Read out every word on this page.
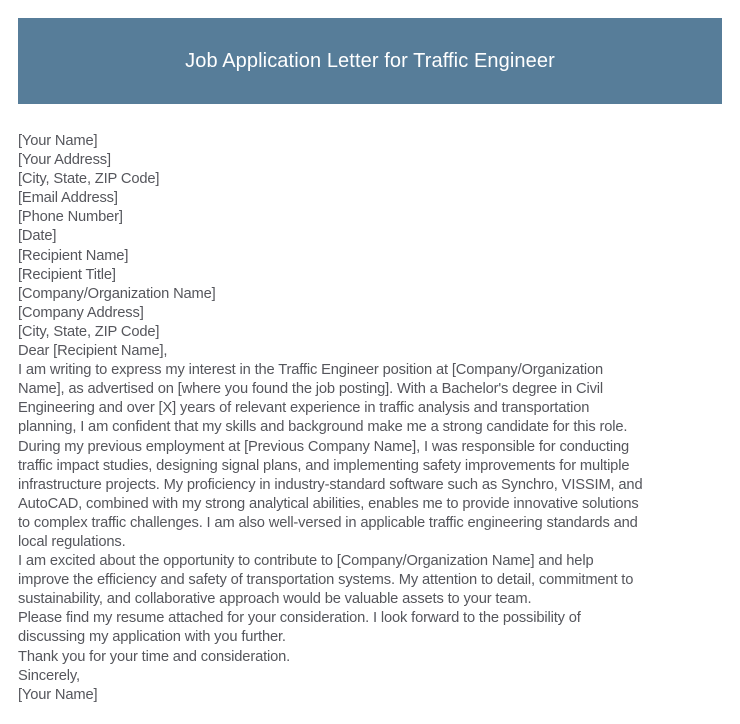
Job Application Letter for Traffic Engineer
[Your Name]
[Your Address]
[City, State, ZIP Code]
[Email Address]
[Phone Number]
[Date]
[Recipient Name]
[Recipient Title]
[Company/Organization Name]
[Company Address]
[City, State, ZIP Code]
Dear [Recipient Name],
I am writing to express my interest in the Traffic Engineer position at [Company/Organization
Name], as advertised on [where you found the job posting]. With a Bachelor's degree in Civil
Engineering and over [X] years of relevant experience in traffic analysis and transportation
planning, I am confident that my skills and background make me a strong candidate for this role.
During my previous employment at [Previous Company Name], I was responsible for conducting
traffic impact studies, designing signal plans, and implementing safety improvements for multiple
infrastructure projects. My proficiency in industry-standard software such as Synchro, VISSIM, and
AutoCAD, combined with my strong analytical abilities, enables me to provide innovative solutions
to complex traffic challenges. I am also well-versed in applicable traffic engineering standards and
local regulations.
I am excited about the opportunity to contribute to [Company/Organization Name] and help
improve the efficiency and safety of transportation systems. My attention to detail, commitment to
sustainability, and collaborative approach would be valuable assets to your team.
Please find my resume attached for your consideration. I look forward to the possibility of
discussing my application with you further.
Thank you for your time and consideration.
Sincerely,
[Your Name]
